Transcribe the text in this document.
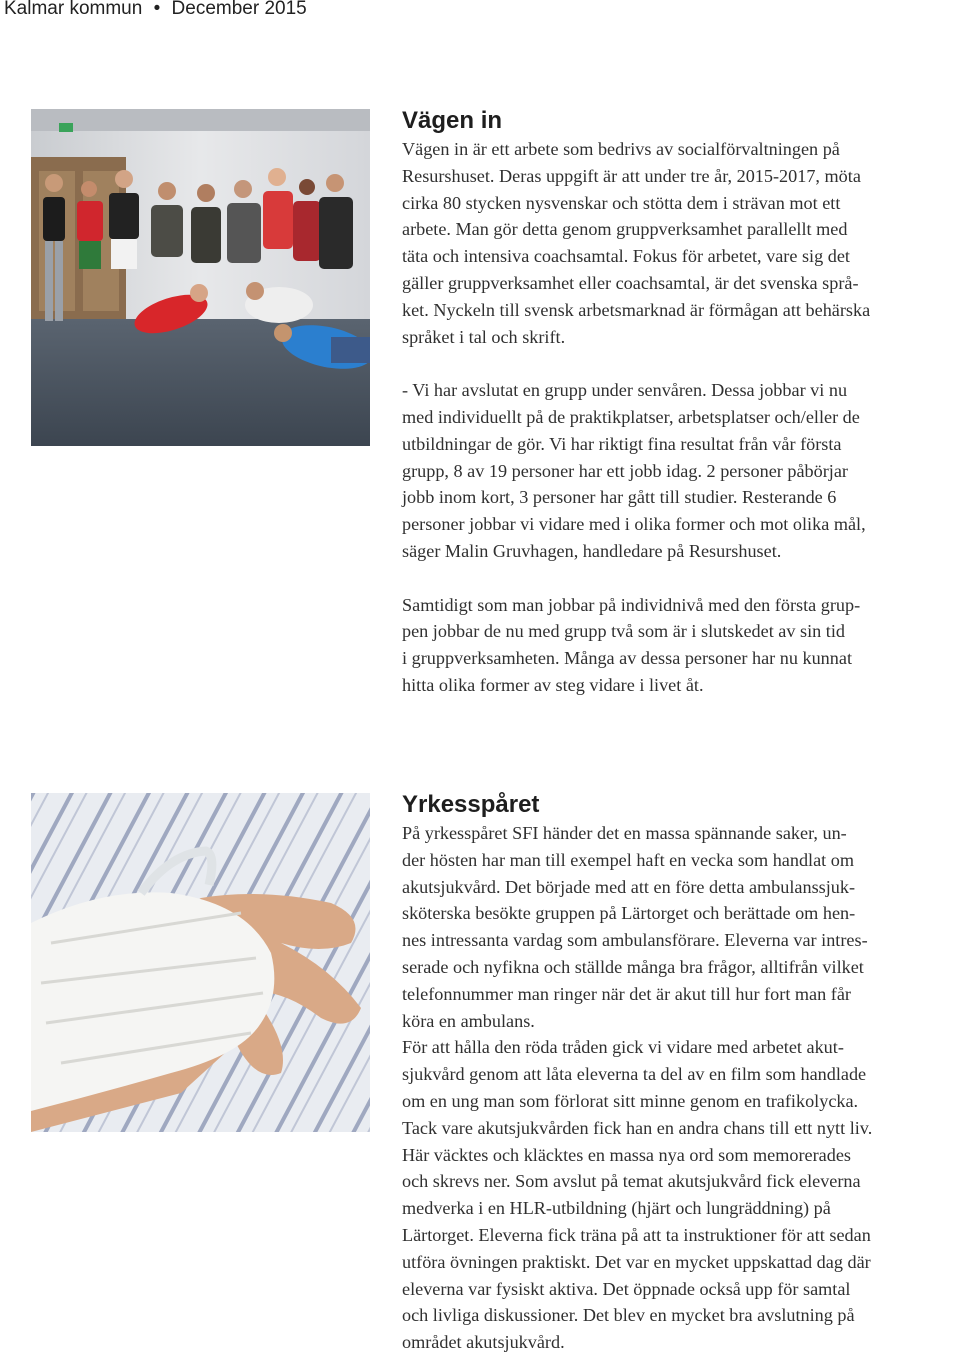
Kalmar kommun • December 2015
Vägen in
Vägen in är ett arbete som bedrivs av socialförvaltningen på
Resurshuset. Deras uppgift är att under tre år, 2015-2017, möta
cirka 80 stycken nysvenskar och stötta dem i strävan mot ett
arbete. Man gör detta genom gruppverksamhet parallellt med
täta och intensiva coachsamtal. Fokus för arbetet, vare sig det
gäller gruppverksamhet eller coachsamtal, är det svenska språ-
ket. Nyckeln till svensk arbetsmarknad är förmågan att behärska
språket i tal och skrift.
- Vi har avslutat en grupp under senvåren. Dessa jobbar vi nu
med individuellt på de praktikplatser, arbetsplatser och/eller de
utbildningar de gör. Vi har riktigt fina resultat från vår första
grupp, 8 av 19 personer har ett jobb idag. 2 personer påbörjar
jobb inom kort, 3 personer har gått till studier. Resterande 6
personer jobbar vi vidare med i olika former och mot olika mål,
säger Malin Gruvhagen, handledare på Resurshuset.
Samtidigt som man jobbar på individnivå med den första grup-
pen jobbar de nu med grupp två som är i slutskedet av sin tid
i gruppverksamheten. Många av dessa personer har nu kunnat
hitta olika former av steg vidare i livet åt.
Yrkesspåret
På yrkesspåret SFI händer det en massa spännande saker, un-
der hösten har man till exempel haft en vecka som handlat om
akutsjukvård. Det började med att en före detta ambulanssjuk-
sköterska besökte gruppen på Lärtorget och berättade om hen-
nes intressanta vardag som ambulansförare. Eleverna var intres-
serade och nyfikna och ställde många bra frågor, alltifrån vilket
telefonnummer man ringer när det är akut till hur fort man får
köra en ambulans.
För att hålla den röda tråden gick vi vidare med arbetet akut-
sjukvård genom att låta eleverna ta del av en film som handlade
om en ung man som förlorat sitt minne genom en trafikolycka.
Tack vare akutsjukvården fick han en andra chans till ett nytt liv.
Här väcktes och kläcktes en massa nya ord som memorerades
och skrevs ner. Som avslut på temat akutsjukvård fick eleverna
medverka i en HLR-utbildning (hjärt och lungräddning) på
Lärtorget. Eleverna fick träna på att ta instruktioner för att sedan
utföra övningen praktiskt. Det var en mycket uppskattad dag där
eleverna var fysiskt aktiva. Det öppnade också upp för samtal
och livliga diskussioner. Det blev en mycket bra avslutning på
området akutsjukvård.
